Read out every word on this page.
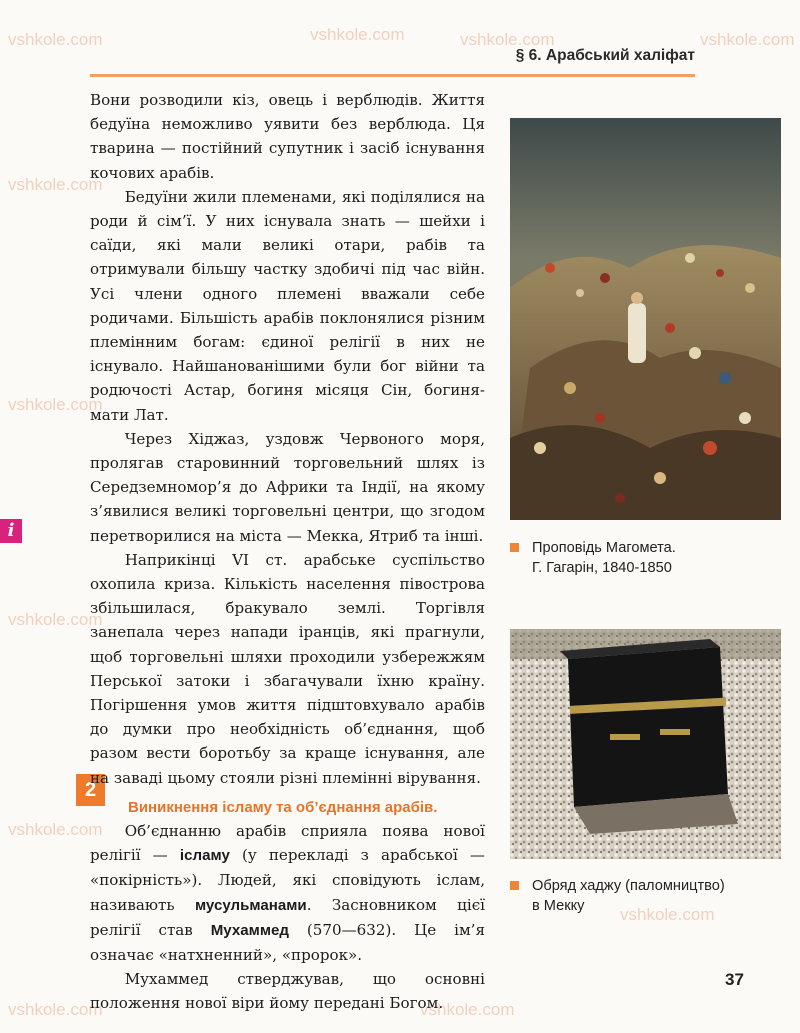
vshkole.com	vshkole.com	vshkole.com	vshkole.com
vshkole.com
vshkole.com
vshkole.com
vshkole.com
vshkole.com
vshkole.com
vshkole.com
§ 6. Арабський халіфат
i
2

Вони розводили кіз, овець і верблюдів. Життя бедуїна неможливо уявити без верблюда. Ця тварина — постійний супутник і засіб існування кочових арабів.

Бедуїни жили племенами, які поділялися на роди й сім’ї. У них існувала знать — шейхи і саїди, які мали великі отари, рабів та отримували більшу частку здобичі під час війн. Усі члени одного племені вважали себе родичами. Більшість арабів поклонялися різним племінним богам: єдиної релігії в них не існувало. Найшанованішими були бог війни та родючості Астар, богиня місяця Сін, богиня-мати Лат.

Через Хіджаз, уздовж Червоного моря, пролягав старовинний торговельний шлях із Середземномор’я до Африки та Індії, на якому з’явилися великі торговельні центри, що згодом перетворилися на міста — Мекка, Ятриб та інші.

Наприкінці VI ст. арабське суспільство охопила криза. Кількість населення півострова збільшилася, бракувало землі. Торгівля занепала через напади іранців, які прагнули, щоб торговельні шляхи проходили узбережжям Перської затоки і збагачували їхню країну. Погіршення умов життя підштовхувало арабів до думки про необхідність об’єднання, щоб разом вести боротьбу за краще існування, але на заваді цьому стояли різні племінні вірування.

Виникнення ісламу та об’єднання арабів.

Об’єднанню арабів сприяла поява нової релігії — ісламу (у перекладі з арабської — «покірність»). Людей, які сповідують іслам, називають мусульманами. Засновником цієї релігії став Мухаммед (570—632). Це ім’я означає «натхненний», «пророк».

Мухаммед стверджував, що основні положення нової віри йому передані Богом.

Проповідь Магомета.
Г. Гагарін, 1840-1850
Обряд хаджу (паломництво)
в Мекку
37
